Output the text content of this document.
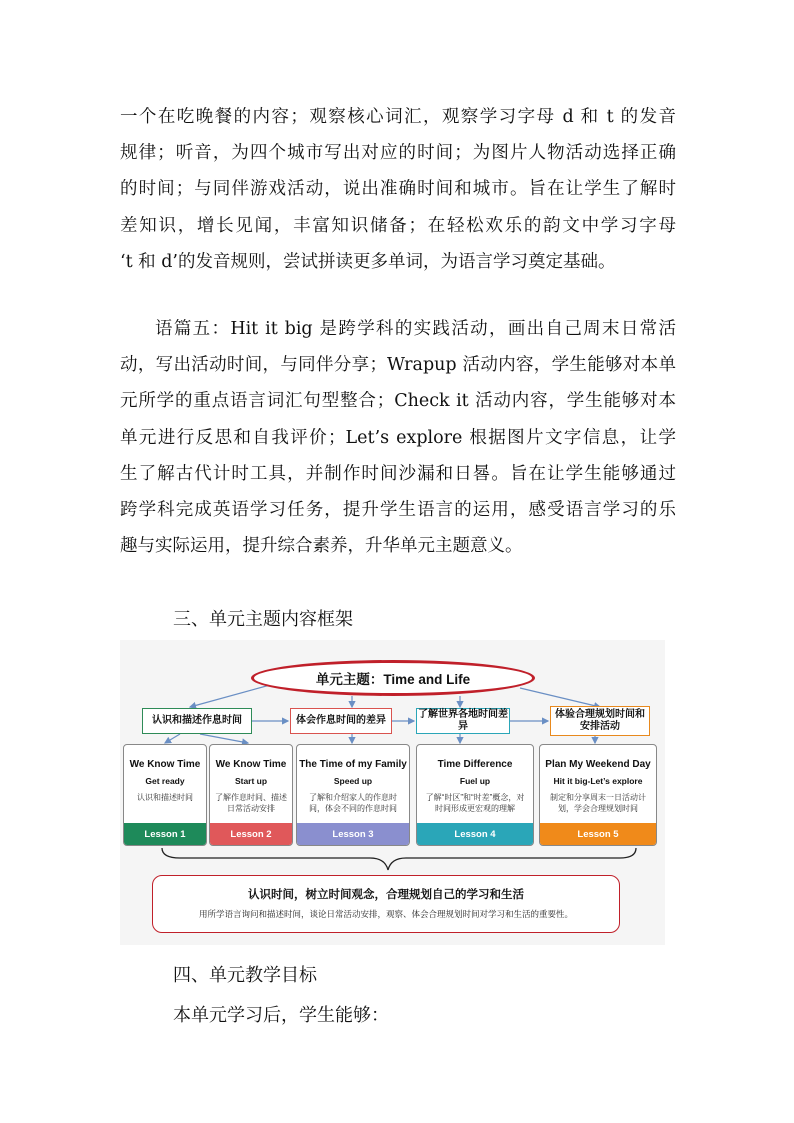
一个在吃晚餐的内容；观察核心词汇，观察学习字母 d 和 t 的发音
规律；听音，为四个城市写出对应的时间；为图片人物活动选择正确
的时间；与同伴游戏活动，说出准确时间和城市。旨在让学生了解时
差知识，增长见闻，丰富知识储备；在轻松欢乐的韵文中学习字母
‘t 和 d’的发音规则，尝试拼读更多单词，为语言学习奠定基础。
语篇五：Hit it big 是跨学科的实践活动，画出自己周末日常活
动，写出活动时间，与同伴分享；Wrapup 活动内容，学生能够对本单
元所学的重点语言词汇句型整合；Check it 活动内容，学生能够对本
单元进行反思和自我评价；Let’s explore 根据图片文字信息，让学
生了解古代计时工具，并制作时间沙漏和日晷。旨在让学生能够通过
跨学科完成英语学习任务，提升学生语言的运用，感受语言学习的乐
趣与实际运用，提升综合素养，升华单元主题意义。
三、单元主题内容框架
单元主题：Time and Life
认识和描述作息时间	体会作息时间的差异
了解世界各地时间差异
体验合理规划时间和安排活动
We Know Time
Get ready
认识和描述时间
Lesson 1
We Know Time
Start up
了解作息时间、描述日常活动安排
Lesson 2
The Time of my Family
Speed up
了解和介绍家人的作息时间，体会不同的作息时间
Lesson 3
Time Difference
Fuel up
了解“时区”和“时差”概念，对时间形成更宏观的理解
Lesson 4
Plan My Weekend Day
Hit it big-Let’s explore
制定和分享周末一日活动计划，学会合理规划时间
Lesson 5
认识时间，树立时间观念，合理规划自己的学习和生活
用所学语言询问和描述时间，谈论日常活动安排，观察、体会合理规划时间对学习和生活的重要性。
四、单元教学目标
本单元学习后，学生能够：
